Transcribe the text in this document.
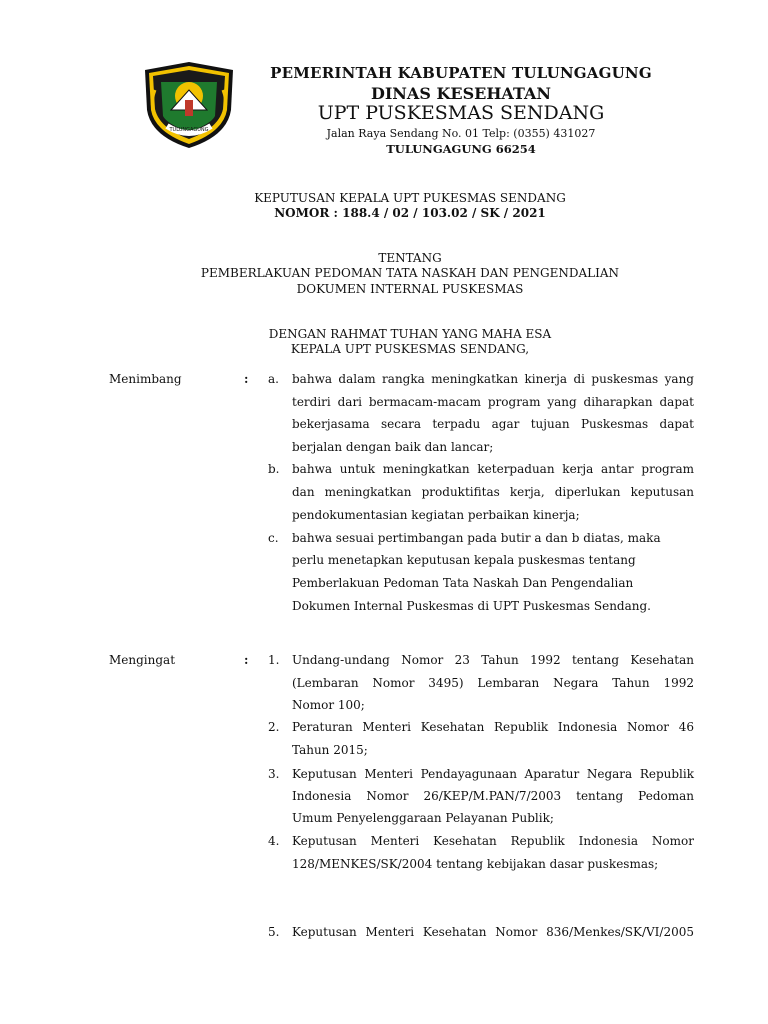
TULUNGAGUNG
PEMERINTAH KABUPATEN TULUNGAGUNG
DINAS KESEHATAN
UPT PUSKESMAS SENDANG
Jalan Raya Sendang No. 01 Telp: (0355) 431027
TULUNGAGUNG 66254
KEPUTUSAN KEPALA UPT PUKESMAS SENDANG
NOMOR : 188.4 / 02 / 103.02 / SK / 2021
TENTANG
PEMBERLAKUAN PEDOMAN TATA NASKAH DAN PENGENDALIAN
DOKUMEN INTERNAL PUSKESMAS
DENGAN RAHMAT TUHAN YANG MAHA ESA
KEPALA UPT PUSKESMAS SENDANG,
Menimbang	: a. bahwa dalam rangka meningkatkan kinerja di puskesmas yang
terdiri dari bermacam-macam program yang diharapkan dapat
bekerjasama secara terpadu agar tujuan Puskesmas dapat
berjalan dengan baik dan lancar;
b. bahwa untuk meningkatkan keterpaduan kerja antar program
dan meningkatkan produktifitas kerja, diperlukan keputusan
pendokumentasian kegiatan perbaikan kinerja;
c. bahwa sesuai pertimbangan pada butir a dan b diatas, maka
perlu menetapkan keputusan kepala puskesmas tentang
Pemberlakuan Pedoman Tata Naskah Dan Pengendalian
Dokumen Internal Puskesmas di UPT Puskesmas Sendang.
Mengingat	: 1. Undang-undang Nomor 23 Tahun 1992 tentang Kesehatan
(Lembaran Nomor 3495) Lembaran Negara Tahun 1992
Nomor 100;
2. Peraturan Menteri Kesehatan Republik Indonesia Nomor 46
Tahun 2015;
3. Keputusan Menteri Pendayagunaan Aparatur Negara Republik
Indonesia Nomor 26/KEP/M.PAN/7/2003 tentang Pedoman
Umum Penyelenggaraan Pelayanan Publik;
4. Keputusan Menteri Kesehatan Republik Indonesia Nomor
128/MENKES/SK/2004 tentang kebijakan dasar puskesmas;
5. Keputusan Menteri Kesehatan Nomor 836/Menkes/SK/VI/2005
